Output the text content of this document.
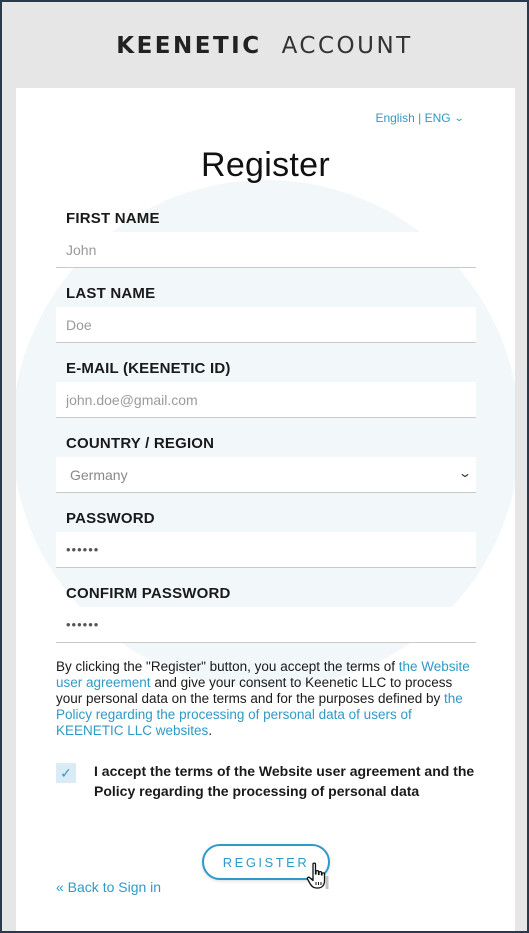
KEENETIC ACCOUNT
English | ENG ⌄
Register
FIRST NAME
John
LAST NAME
Doe
E-MAIL (KEENETIC ID)
john.doe@gmail.com
COUNTRY / REGION
Germany	⌄
PASSWORD
••••••
CONFIRM PASSWORD
••••••

By clicking the "Register" button, you accept the terms of the Website user agreement and give your consent to Keenetic LLC to process your personal data on the terms and for the purposes defined by the Policy regarding the processing of personal data of users of KEENETIC LLC websites.

✓ I accept the terms of the Website user agreement and the Policy regarding the processing of personal data
REGISTER
« Back to Sign in
